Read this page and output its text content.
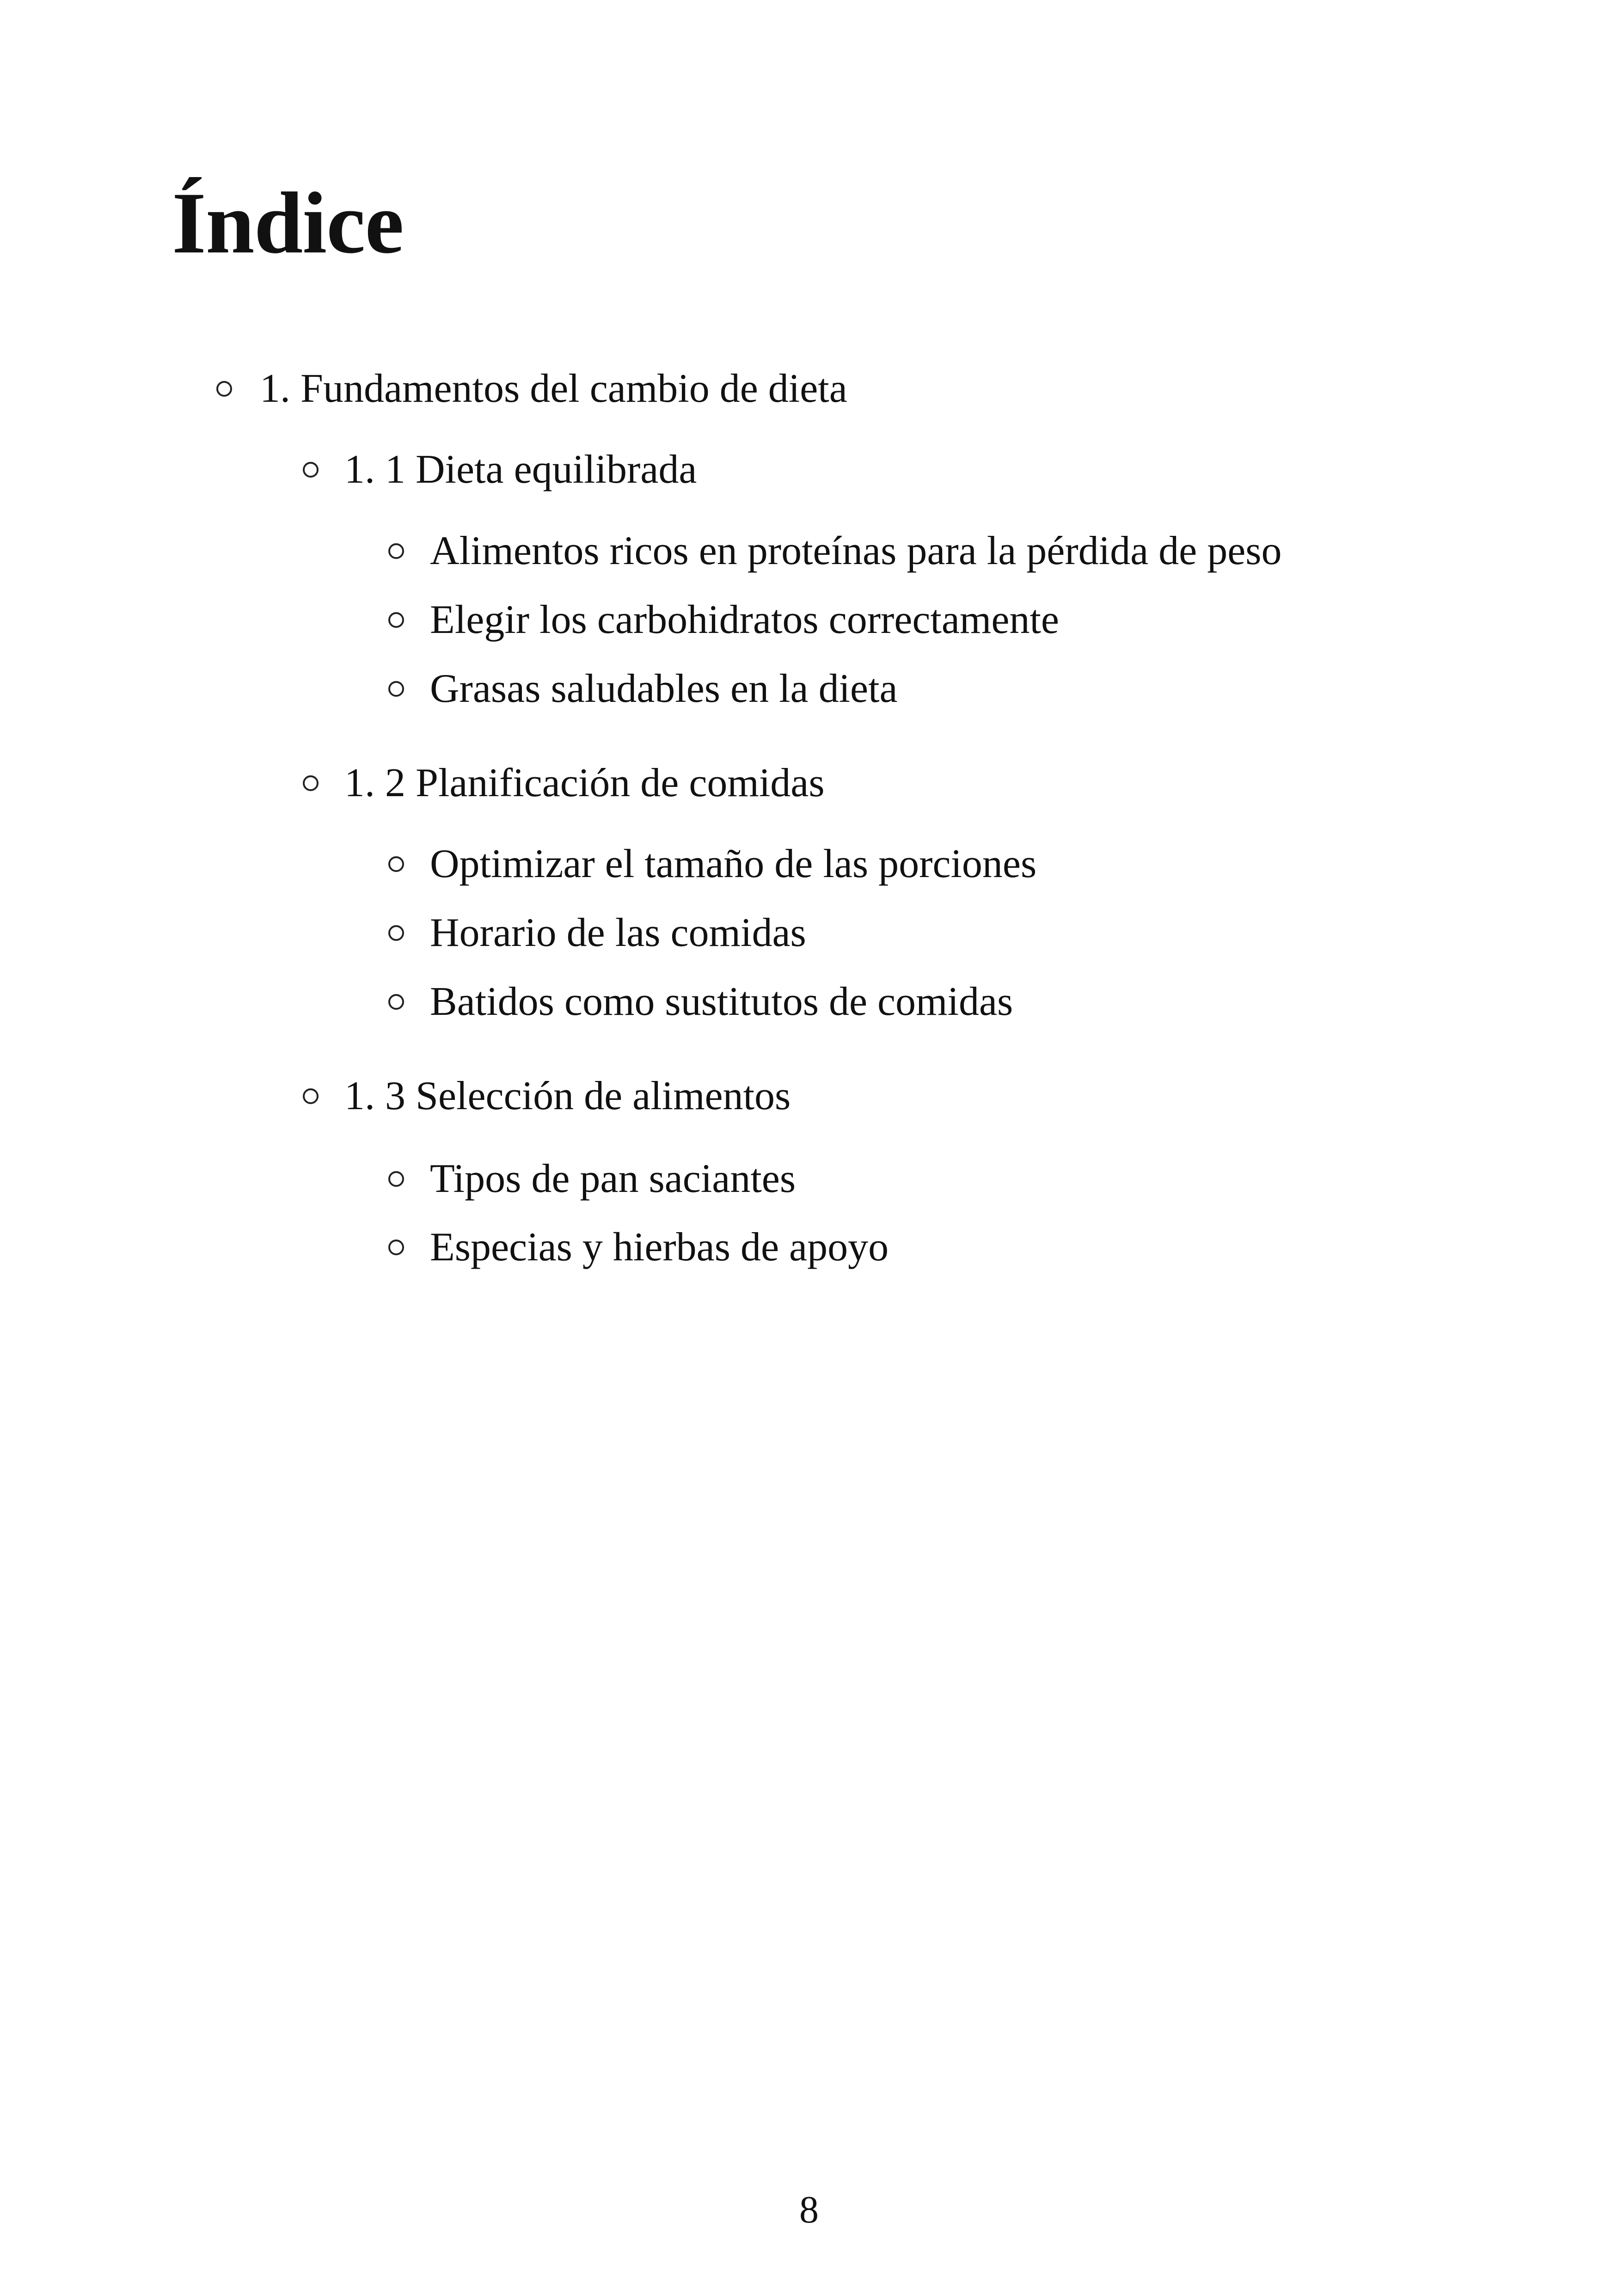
Índice
1. Fundamentos del cambio de dieta
1. 1 Dieta equilibrada
Alimentos ricos en proteínas para la pérdida de peso
Elegir los carbohidratos correctamente
Grasas saludables en la dieta
1. 2 Planificación de comidas
Optimizar el tamaño de las porciones
Horario de las comidas
Batidos como sustitutos de comidas
1. 3 Selección de alimentos
Tipos de pan saciantes
Especias y hierbas de apoyo
8
